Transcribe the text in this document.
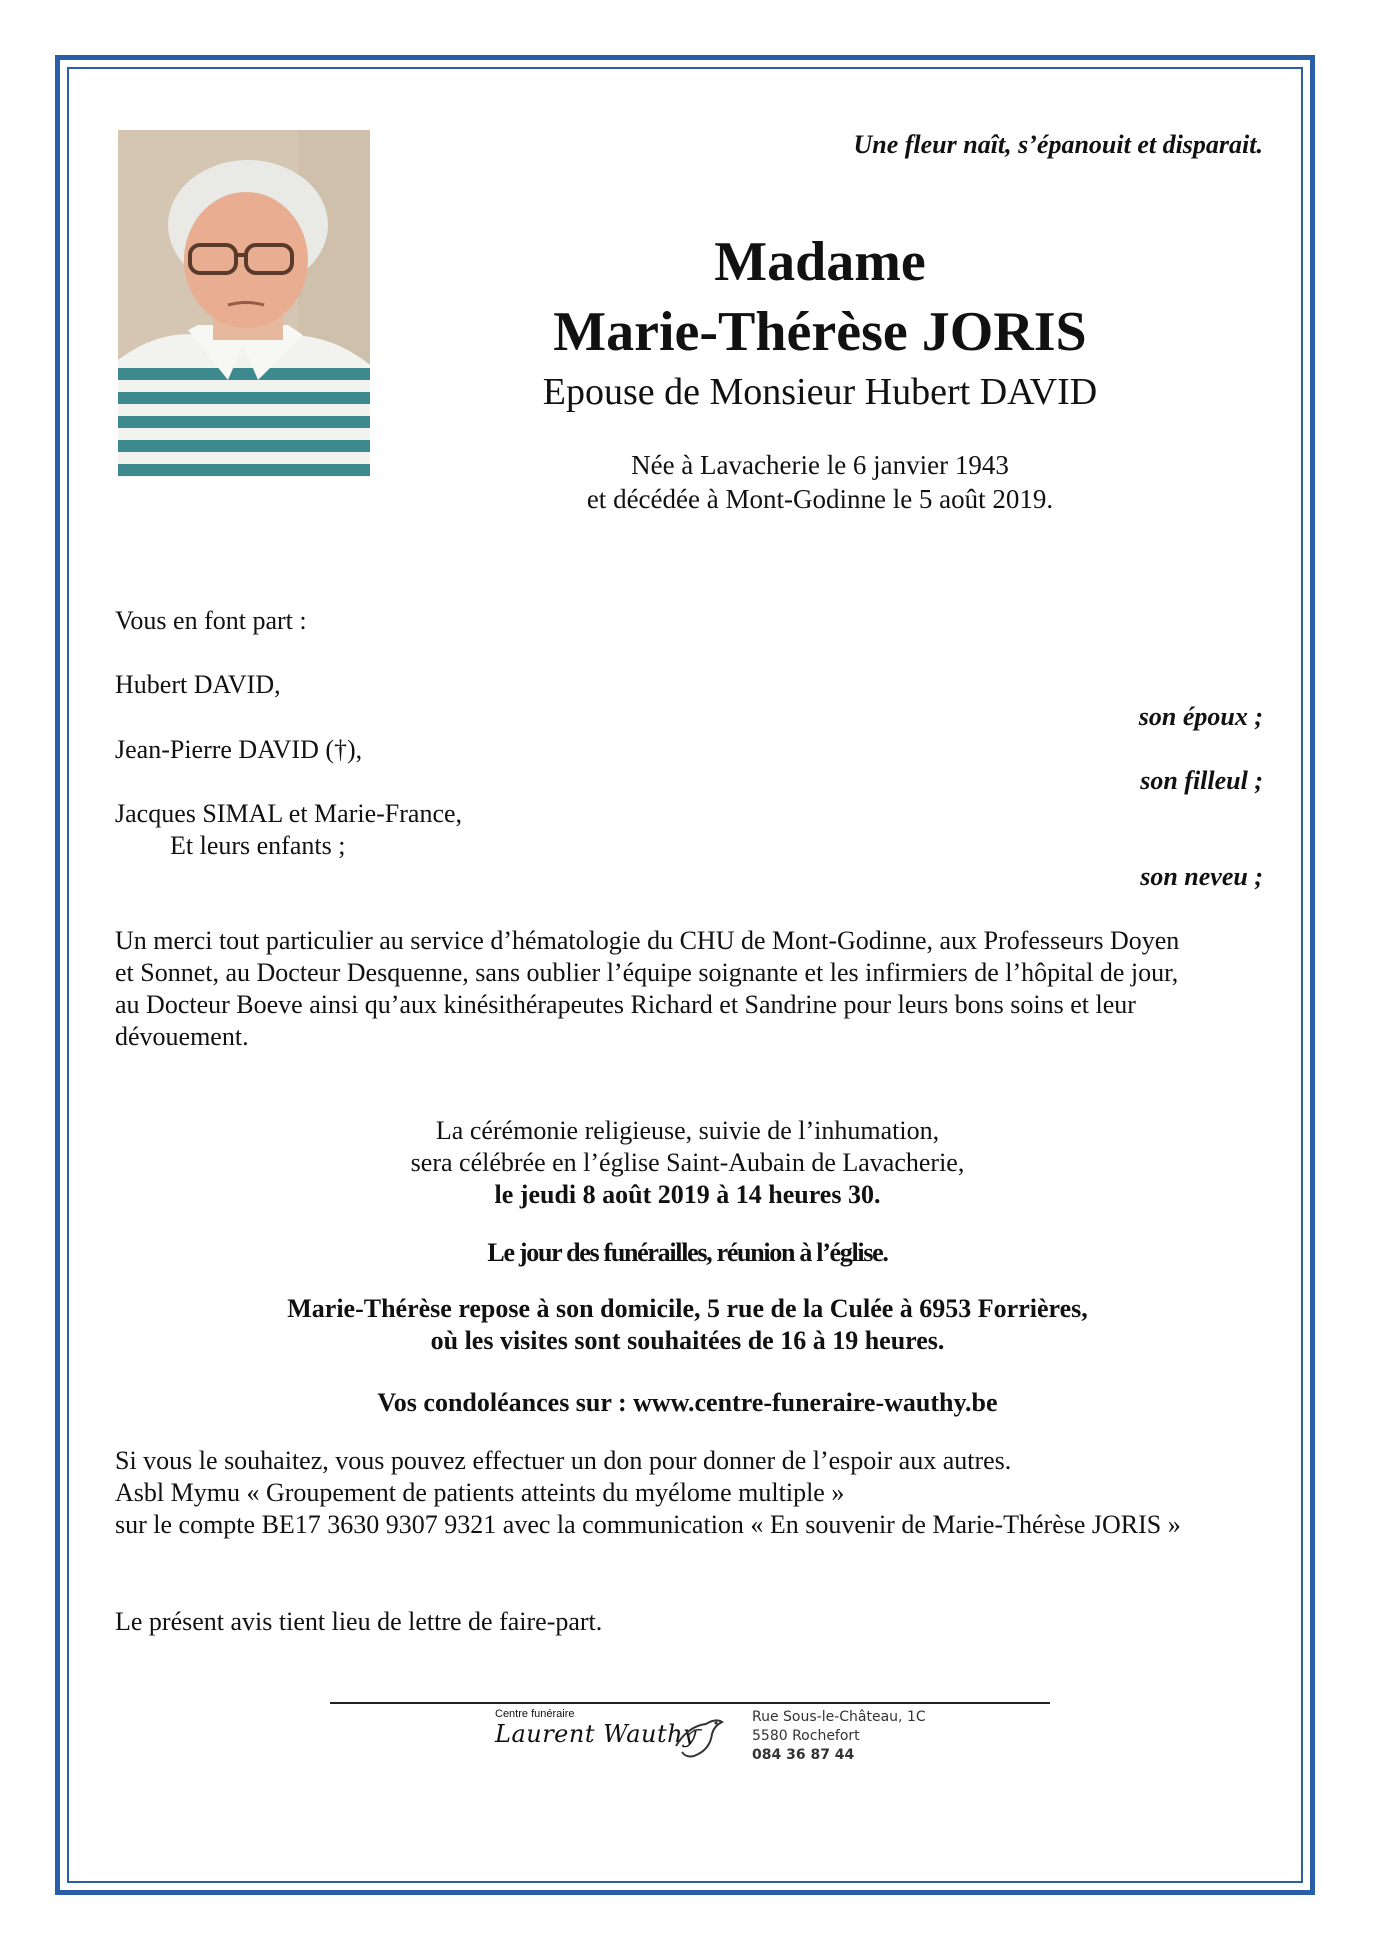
Une fleur naît, s’épanouit et disparait.
Madame
Marie-Thérèse JORIS
Epouse de Monsieur Hubert DAVID
Née à Lavacherie le 6 janvier 1943
et décédée à Mont-Godinne le 5 août 2019.
Vous en font part :
Hubert DAVID,
son époux ;
Jean-Pierre DAVID (†),
son filleul ;
Jacques SIMAL et Marie-France,
Et leurs enfants ;
son neveu ;
Un merci tout particulier au service d’hématologie du CHU de Mont-Godinne, aux Professeurs Doyen
et Sonnet, au Docteur Desquenne, sans oublier l’équipe soignante et les infirmiers de l’hôpital de jour,
au Docteur Boeve ainsi qu’aux kinésithérapeutes Richard et Sandrine pour leurs bons soins et leur
dévouement.
La cérémonie religieuse, suivie de l’inhumation,
sera célébrée en l’église Saint-Aubain de Lavacherie,
le jeudi 8 août 2019 à 14 heures 30.
Le jour des funérailles, réunion à l’église.
Marie-Thérèse repose à son domicile, 5 rue de la Culée à 6953 Forrières,
où les visites sont souhaitées de 16 à 19 heures.
Vos condoléances sur : www.centre-funeraire-wauthy.be
Si vous le souhaitez, vous pouvez effectuer un don pour donner de l’espoir aux autres.
Asbl Mymu « Groupement de patients atteints du myélome multiple »
sur le compte BE17 3630 9307 9321 avec la communication « En souvenir de Marie-Thérèse JORIS »
Le présent avis tient lieu de lettre de faire-part.
Centre funéraire
Laurent Wauthy
Rue Sous-le-Château, 1C
5580 Rochefort
084 36 87 44
